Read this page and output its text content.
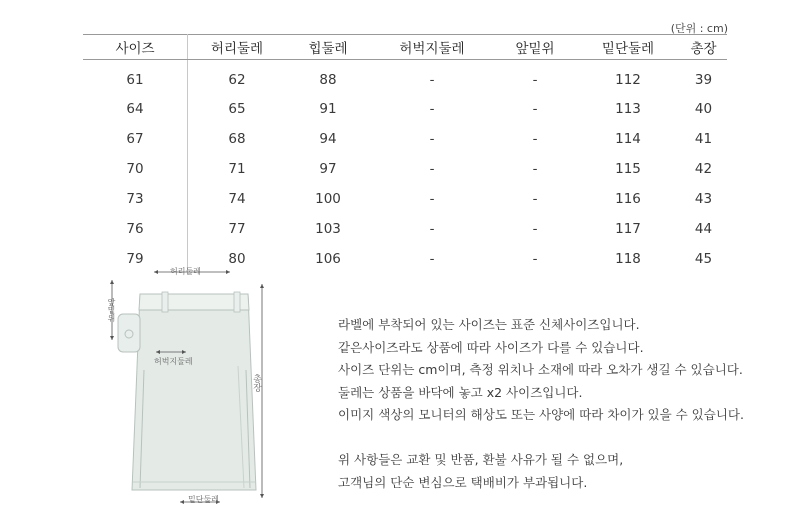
(단위 : cm)
사이즈	허리둘레	힙둘레	허벅지둘레	앞밑위	밑단둘레	총장
61	62	88	-	-	112	39
64	65	91	-	-	113	40
67	68	94	-	-	114	41
70	71	97	-	-	115	42
73	74	100	-	-	116	43
76	77	103	-	-	117	44
79	80	106	-	-	118	45
허리둘레
앞밑위
허벅지둘레
총장
밑단둘레

라벨에 부착되어 있는 사이즈는 표준 신체사이즈입니다.

같은사이즈라도 상품에 따라 사이즈가 다를 수 있습니다.

사이즈 단위는 cm이며, 측정 위치나 소재에 따라 오차가 생길 수 있습니다.

둘레는 상품을 바닥에 놓고 x2 사이즈입니다.

이미지 색상의 모니터의 해상도 또는 사양에 따라 차이가 있을 수 있습니다.

위 사항들은 교환 및 반품, 환불 사유가 될 수 없으며,

고객님의 단순 변심으로 택배비가 부과됩니다.
